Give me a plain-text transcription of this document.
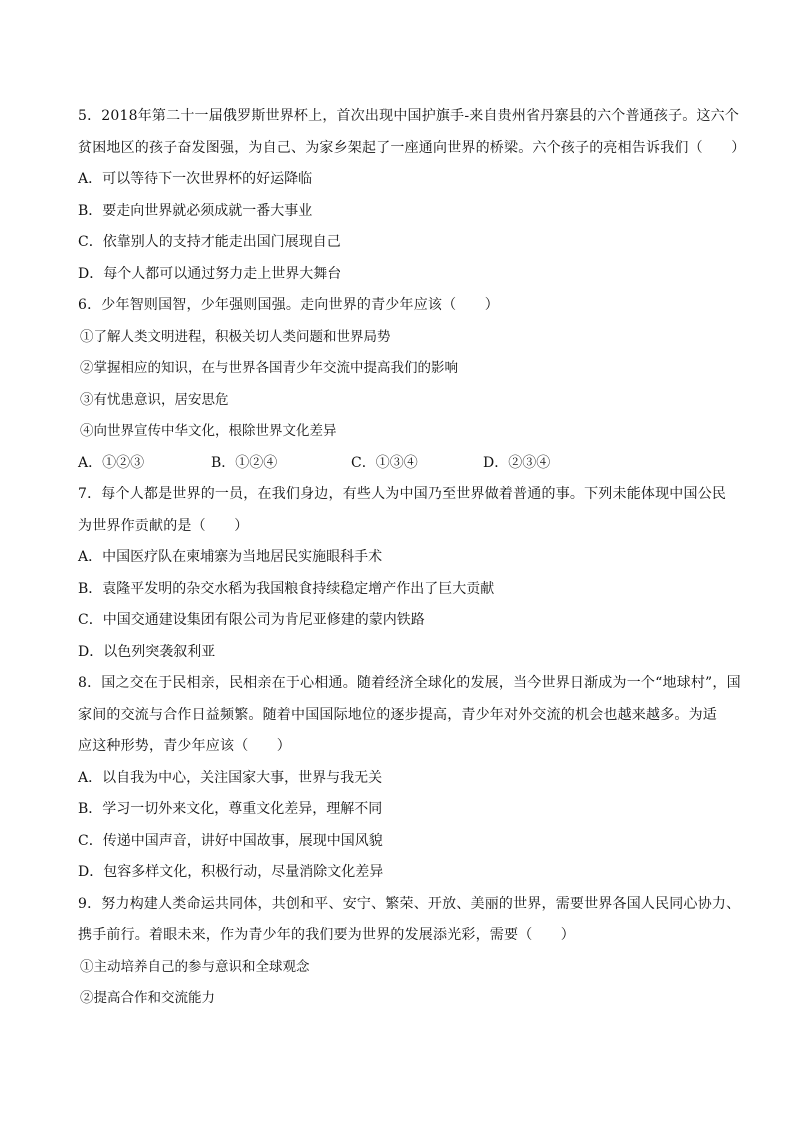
5．2018年第二十一届俄罗斯世界杯上，首次出现中国护旗手-来自贵州省丹寨县的六个普通孩子。这六个
贫困地区的孩子奋发图强，为自己、为家乡架起了一座通向世界的桥梁。六个孩子的亮相告诉我们（　　）
A．可以等待下一次世界杯的好运降临
B．要走向世界就必须成就一番大事业
C．依靠别人的支持才能走出国门展现自己
D．每个人都可以通过努力走上世界大舞台
6．少年智则国智，少年强则国强。走向世界的青少年应该（　　）
①了解人类文明进程，积极关切人类问题和世界局势
②掌握相应的知识，在与世界各国青少年交流中提高我们的影响
③有忧患意识，居安思危
④向世界宣传中华文化，根除世界文化差异
A．①②③	B．①②④	C．①③④	D．②③④
7．每个人都是世界的一员，在我们身边，有些人为中国乃至世界做着普通的事。下列未能体现中国公民
为世界作贡献的是（　　）
A．中国医疗队在柬埔寨为当地居民实施眼科手术
B．袁隆平发明的杂交水稻为我国粮食持续稳定增产作出了巨大贡献
C．中国交通建设集团有限公司为肯尼亚修建的蒙内铁路
D．以色列突袭叙利亚
8．国之交在于民相亲，民相亲在于心相通。随着经济全球化的发展，当今世界日渐成为一个“地球村”，国
家间的交流与合作日益频繁。随着中国国际地位的逐步提高，青少年对外交流的机会也越来越多。为适
应这种形势，青少年应该（　　）
A．以自我为中心，关注国家大事，世界与我无关
B．学习一切外来文化，尊重文化差异，理解不同
C．传递中国声音，讲好中国故事，展现中国风貌
D．包容多样文化，积极行动，尽量消除文化差异
9．努力构建人类命运共同体，共创和平、安宁、繁荣、开放、美丽的世界，需要世界各国人民同心协力、
携手前行。着眼未来，作为青少年的我们要为世界的发展添光彩，需要（　　）
①主动培养自己的参与意识和全球观念
②提高合作和交流能力
